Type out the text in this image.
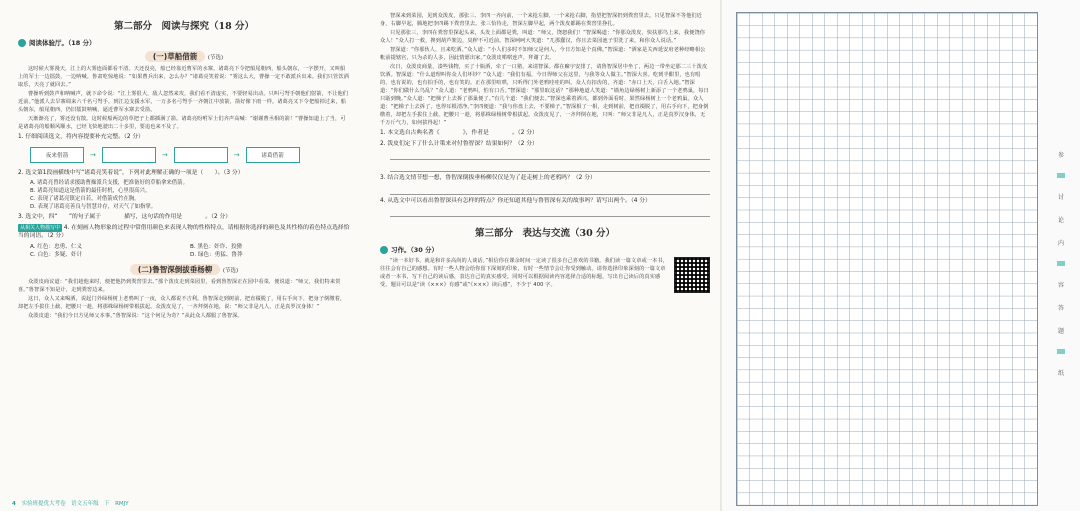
第二部分　阅读与探究（18 分）
阅读体验厅。（18 分）
(一)草船借箭 (节选)

这时候大雾漫天，江上的大雾连面都看不清。天还没亮，船已经靠近曹军的水寨。诸葛亮下令把船尾朝西，船头朝东，一字摆开，又叫船上的军士一边擂鼓，一边呐喊。鲁肃吃惊地说：“如果曹兵出来，怎么办？”诸葛亮笑着说：“雾这么大，曹操一定不敢派兵出来。我们只管饮酒取乐，天亮了就回去。”

曹操听到鼓声和呐喊声，就下命令说：“江上雾很大，敌人忽然来攻，我们看不清虚实，不要轻易出动。只叫弓弩手朝他们射箭，不让他们近前。”他派人去旱寨调来六千名弓弩手，到江边支援水军。一万多名弓弩手一齐朝江中放箭，箭好像下雨一样。诸葛亮又下令把船掉过来，船头朝东，船尾朝西，仍旧擂鼓呐喊，逼近曹军水寨去受箭。

天渐渐亮了，雾还没有散。这时候船两边的草把子上都插满了箭。诸葛亮吩咐军士们齐声高喊：“谢谢曹丞相的箭！”曹操知道上了当，可是诸葛亮的船顺风顺水，已经飞快地驶出二十多里，要追也来不及了。

1. 仔细阅读选文，将内容提要补充完整。（2 分）
夜来借箭	→	→	→	诸葛借箭
2. 选文第1段画横线中写“诸葛亮笑着说”，下列对此理解正确的一项是（　　）。（3 分）
A. 诸葛亮曾经请求援助曹操派兵支援，把准备好的草船拿来借箭。
B. 诸葛亮知道这是借箭的最佳时机，心里很高兴。
C. 表现了诸葛亮镇定自若，对借箭成竹在胸。
D. 表现了诸葛亮善良与智慧并存，对天气了如指掌。
3. 选文中，四“　　”的句子属于　　　　描写，这句话的作用是　　　　。（2 分）
从相关人物描写中 4. 在刻画人物形象的过程中常借用颜色来表现人物的性格特点，请根据你选择的颜色及其性格的着色特点选择恰当的词语。（2 分）
A. 红色：忠勇、仁义	B. 黑色：奸诈、狡猾
C. 白色：多疑、奸计	D. 绿色：勇猛、鲁莽
(二)鲁智深倒拔垂杨柳 (节选)

众泼皮商议道：“我们趁他来时，便把他扔到粪窖里去。”那个泼皮走到菜园里，看到鲁智深正在园中看菜，便说道：“师父，我们特来贺喜。”鲁智深不知是计，走到粪窖边来。

这日，众人又来喝酒，说起门外绿杨树上老鸦叫了一夜，众人都说不吉利。鲁智深走到树前，把直裰脱了，用右手向下，把身子倒缴着，却把左手拔住上截，把腰只一趁，将那株绿杨树带根拔起。众泼皮见了，一齐拜倒在地，说：“师父非是凡人，正是真罗汉身体！”

众泼皮道：“我们今日方见师父本事。”鲁智深说：“这个何足为奇？”从此众人都服了鲁智深。

4 实验班提优大考卷　语文五年级　下　RMJY

智深来到菜园，见到众泼皮，那张三、李四一齐向前，一个来抢左脚，一个来抢右脚，指望把智深扔到粪窖里去。只见智深不等他们近身，右脚早起，腾地把李四踢下粪窖里去。张三恰待走，智深左脚早起，两个泼皮都踢在粪窖里挣扎。

只见那张三、李四在粪窖里探起头来，头发上面都是粪，叫道：“师父，饶恕我们！”智深喝道：“你那众泼皮，快扶那鸟上来，我便饶你众人！”众人打一救，搀到葫芦架边，臭秽不可近前。智深呵呵大笑道：“兀那蠢汉，你且去菜园池子里洗了来，和你众人说话。”

智深道：“你那伙人，且来吃酒。”众人道：“小人们多时不知师父是何人，今日方知是个真佛。”智深道：“洒家是关西延安府老种经略相公帐前提辖官，只为杀的人多，因此情愿出家。”众泼皮喏喏连声，拜谢了去。

次日，众泼皮商量，凑些钱物，买了十瓶酒，牵了一口猪，来请智深。都在廨宇安排了，请鲁智深居中坐了，两边一带坐定那二三十泼皮饮酒。智深道：“什么道理叫你众人们坏钞？”众人道：“我们有福，今日得师父在这里，与我等众人做主。”智深大喜。吃到半酣里，也有唱的，也有说的，也有拍手的，也有笑的。正在那里喧哄，只听得门外老鸦哇哇的叫。众人有扣齿的，齐道：“赤口上天，白舌入地。”智深道：“你们做什么鸟乱？”众人道：“老鸦叫，怕有口舌。”智深道：“那里取这话？”那种地道人笑道：“墙角边绿杨树上新添了一个老鸦巢，每日只聒到晚。”众人道：“把梯子上去拆了那巢便了。”有几个道：“我们便去。”智深也乘着酒兴，都到外面看时，果然绿杨树上一个老鸦巢。众人道：“把梯子上去拆了，也得耳根清净。”李四便道：“我与你盘上去，不要梯子。”智深相了一相，走到树前，把直裰脱了，用右手向下，把身倒缴着，却把左手拔住上截，把腰只一趁，将那株绿杨树带根拔起。众泼皮见了，一齐拜倒在地，只叫：“师父非是凡人，正是真罗汉身体，无千万斤气力，如何拔得起！”

1. 本文选自古典名著《　　　　》，作者是　　　　。（2 分）
2. 泼皮们定下了什么计策来对付鲁智深？结果如何？（2 分）
3. 结合选文情节想一想，鲁智深倒拔垂杨柳仅仅是为了赶走树上的老鸦吗？（2 分）
4. 从选文中可以看出鲁智深具有怎样的特点？你还知道其他与鲁智深有关的故事吗？请写出两个。（4 分）
第三部分　表达与交流（30 分）
习作。（30 分）

“读一本好书，就是和许多高尚的人谈话。”相信你在课余时间一定读了很多自己喜欢的书籍。我们读一篇文章或一本书，往往会有自己的感想。有时一些人物会给你留下深刻的印象，有时一些情节会让你受到触动。请你选择印象深刻的一篇文章或者一本书，写下自己的读后感，表达自己的真实感受。同时可以根据阅读内容选择合适的标题，写出自己读后的真实感受，题目可以是“读《×××》有感”或“《×××》读后感”，不少于 400 字。

参
讨
论
内
容
答
题
纸
